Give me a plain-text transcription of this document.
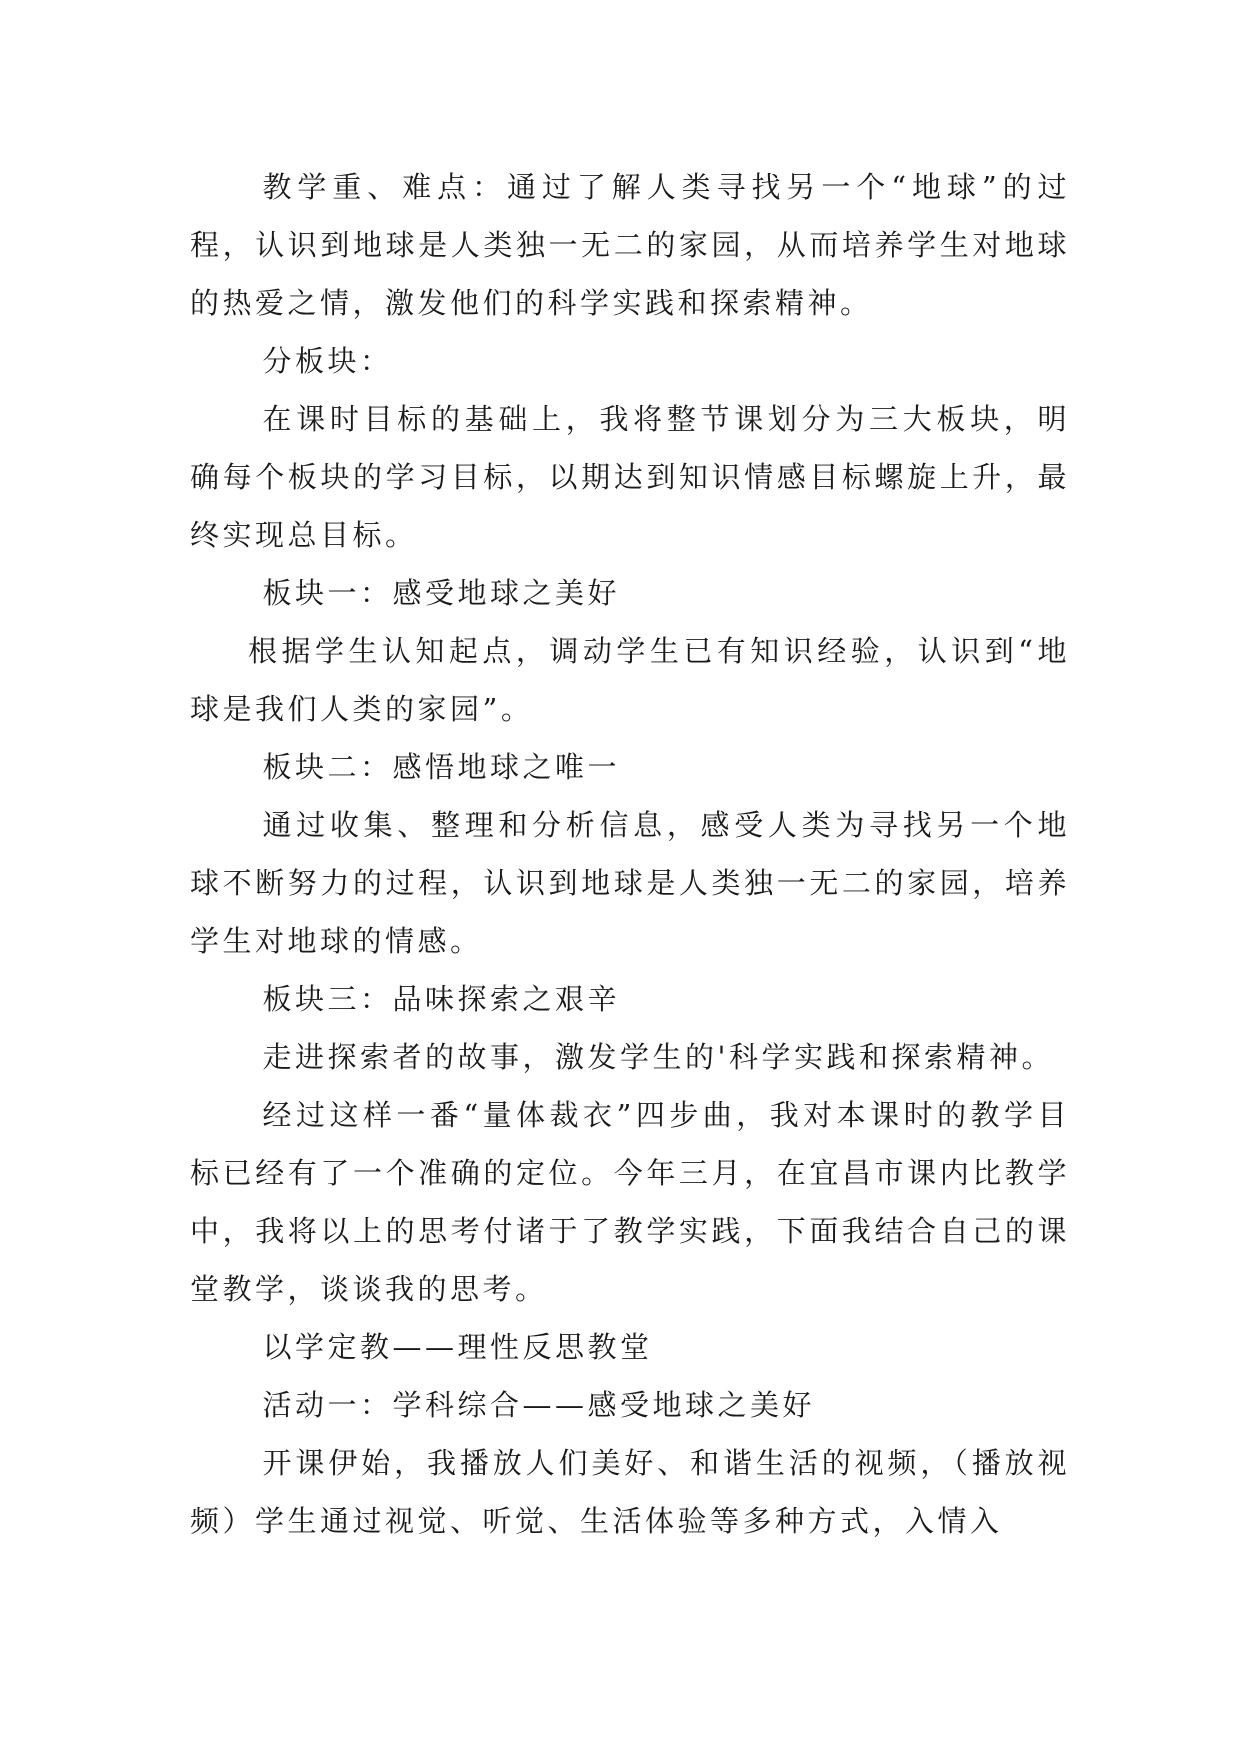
教学重、难点：通过了解人类寻找另一个“地球”的过程，认识到地球是人类独一无二的家园，从而培养学生对地球的热爱之情，激发他们的科学实践和探索精神。

分板块：

在课时目标的基础上，我将整节课划分为三大板块，明确每个板块的学习目标，以期达到知识情感目标螺旋上升，最终实现总目标。

板块一：感受地球之美好

根据学生认知起点，调动学生已有知识经验，认识到“地球是我们人类的家园”。

板块二：感悟地球之唯一

通过收集、整理和分析信息，感受人类为寻找另一个地球不断努力的过程，认识到地球是人类独一无二的家园，培养学生对地球的情感。

板块三：品味探索之艰辛

走进探索者的故事，激发学生的'科学实践和探索精神。

经过这样一番“量体裁衣”四步曲，我对本课时的教学目标已经有了一个准确的定位。今年三月，在宜昌市课内比教学中，我将以上的思考付诸于了教学实践，下面我结合自己的课堂教学，谈谈我的思考。

以学定教——理性反思教堂

活动一：学科综合——感受地球之美好

开课伊始，我播放人们美好、和谐生活的视频，（播放视频）学生通过视觉、听觉、生活体验等多种方式，入情入
